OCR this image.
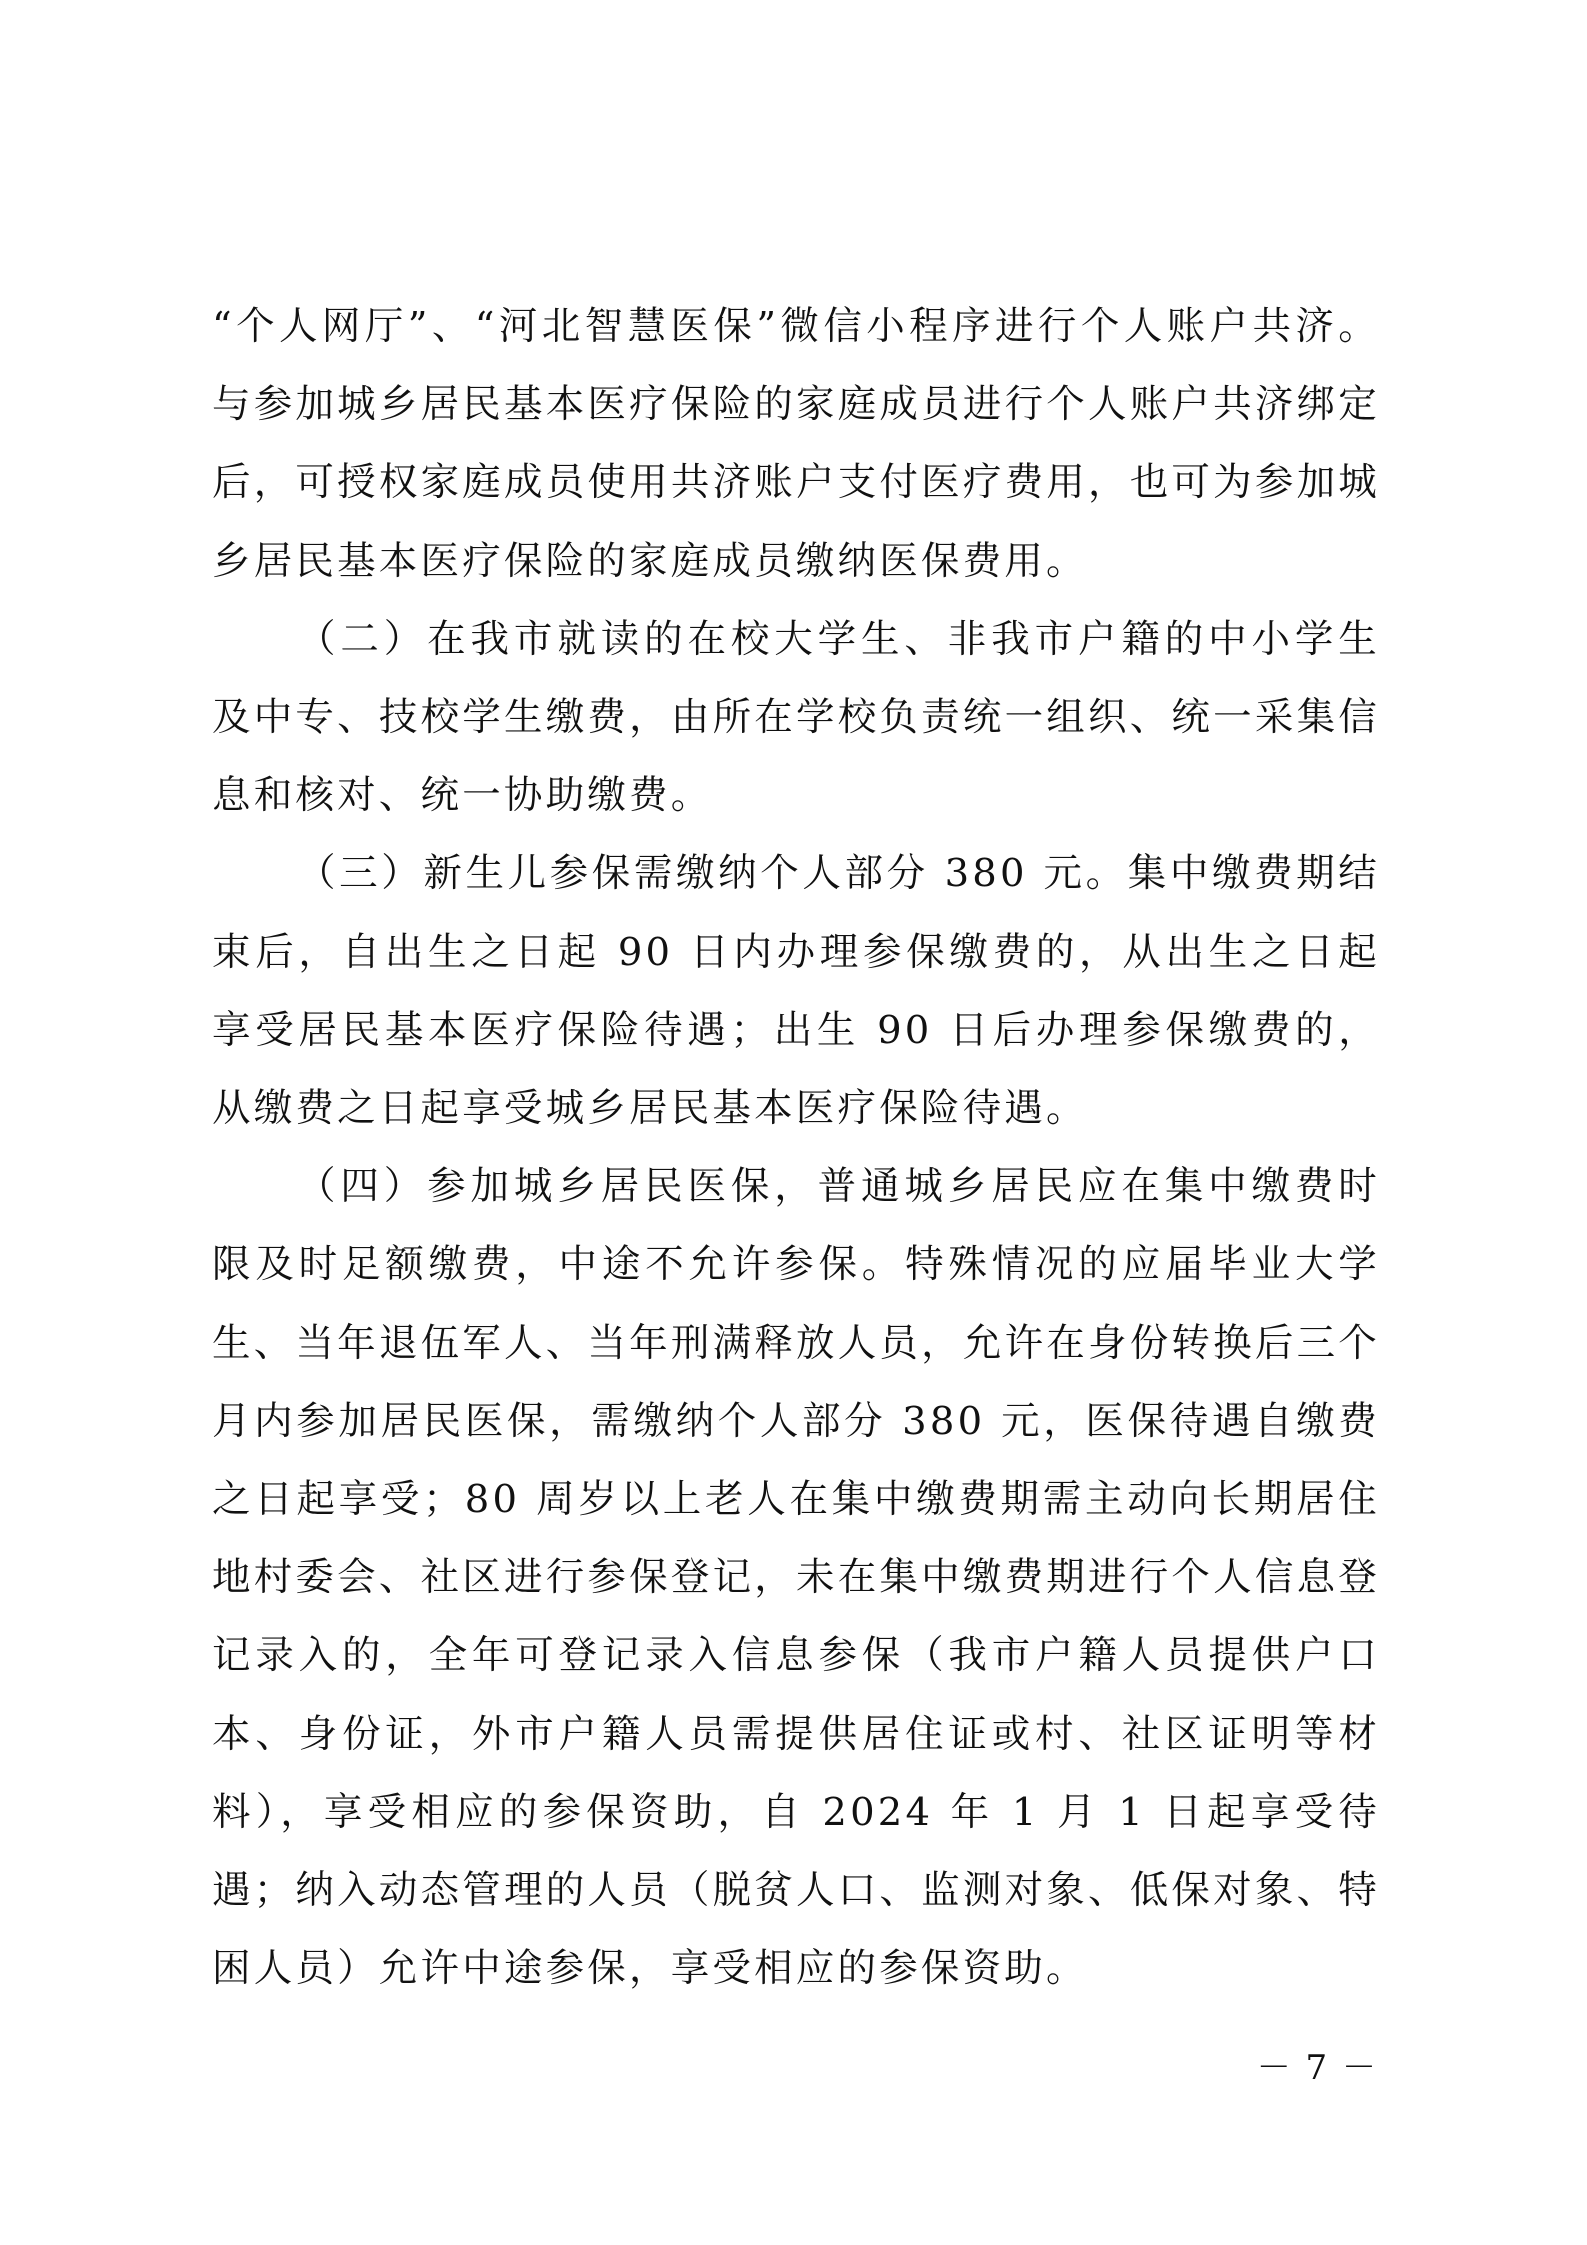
“个人网厅”、“河北智慧医保”微信小程序进行个人账户共济。与参加城乡居民基本医疗保险的家庭成员进行个人账户共济绑定后，可授权家庭成员使用共济账户支付医疗费用，也可为参加城乡居民基本医疗保险的家庭成员缴纳医保费用。

（二）在我市就读的在校大学生、非我市户籍的中小学生及中专、技校学生缴费，由所在学校负责统一组织、统一采集信息和核对、统一协助缴费。

（三）新生儿参保需缴纳个人部分 380 元。集中缴费期结束后，自出生之日起 90 日内办理参保缴费的，从出生之日起享受居民基本医疗保险待遇；出生 90 日后办理参保缴费的，从缴费之日起享受城乡居民基本医疗保险待遇。

（四）参加城乡居民医保，普通城乡居民应在集中缴费时限及时足额缴费，中途不允许参保。特殊情况的应届毕业大学生、当年退伍军人、当年刑满释放人员，允许在身份转换后三个月内参加居民医保，需缴纳个人部分 380 元，医保待遇自缴费之日起享受；80 周岁以上老人在集中缴费期需主动向长期居住地村委会、社区进行参保登记，未在集中缴费期进行个人信息登记录入的，全年可登记录入信息参保（我市户籍人员提供户口本、身份证，外市户籍人员需提供居住证或村、社区证明等材料），享受相应的参保资助，自 2024 年 1 月 1 日起享受待遇；纳入动态管理的人员（脱贫人口、监测对象、低保对象、特困人员）允许中途参保，享受相应的参保资助。

－ 7 －
